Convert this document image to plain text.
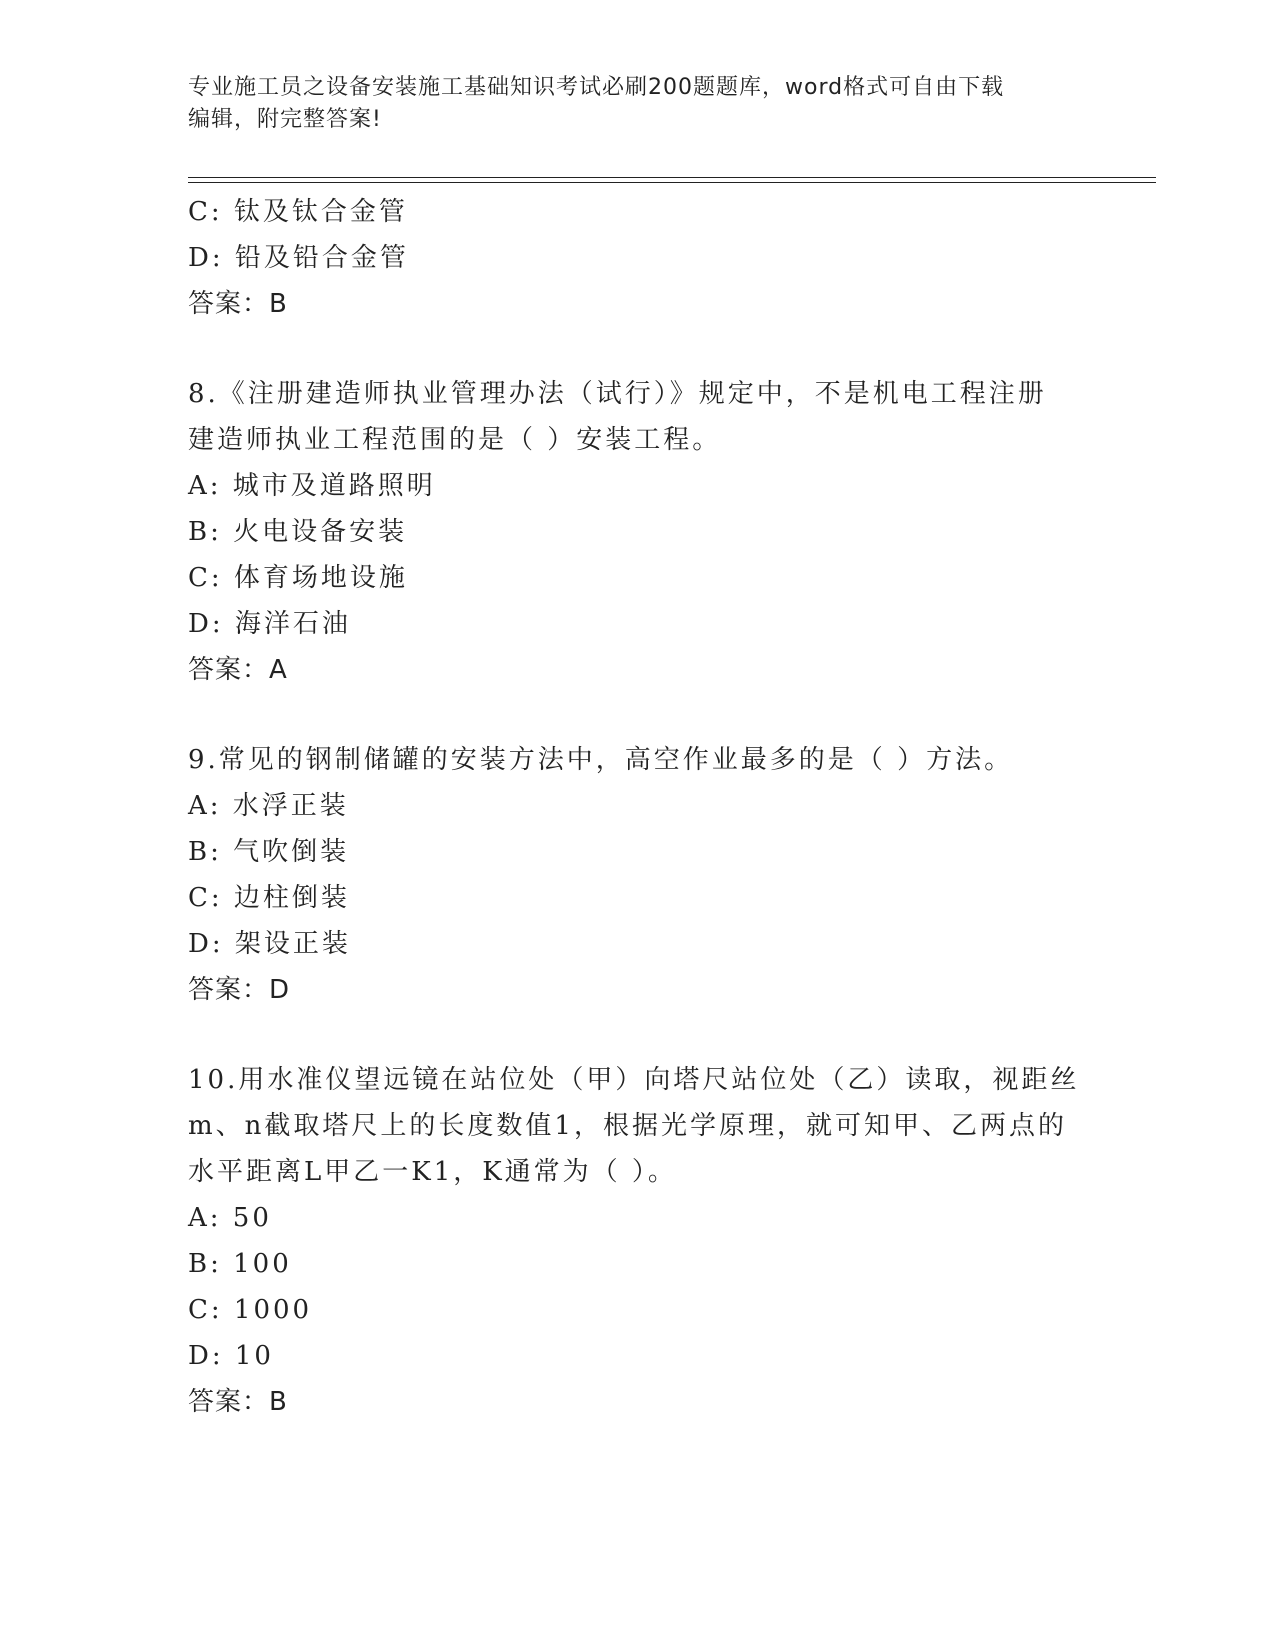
专业施工员之设备安装施工基础知识考试必刷200题题库，word格式可自由下载
编辑，附完整答案!
C: 钛及钛合金管
D: 铅及铅合金管
答案：B
8.《注册建造师执业管理办法（试行）》规定中，不是机电工程注册
建造师执业工程范围的是（ ）安装工程。
A: 城市及道路照明
B: 火电设备安装
C: 体育场地设施
D: 海洋石油
答案：A
9.常见的钢制储罐的安装方法中，高空作业最多的是（ ）方法。
A: 水浮正装
B: 气吹倒装
C: 边柱倒装
D: 架设正装
答案：D
10.用水准仪望远镜在站位处（甲）向塔尺站位处（乙）读取，视距丝
m、n截取塔尺上的长度数值1，根据光学原理，就可知甲、乙两点的
水平距离L甲乙一K1，K通常为（ ）。
A: 50
B: 100
C: 1000
D: 10
答案：B
